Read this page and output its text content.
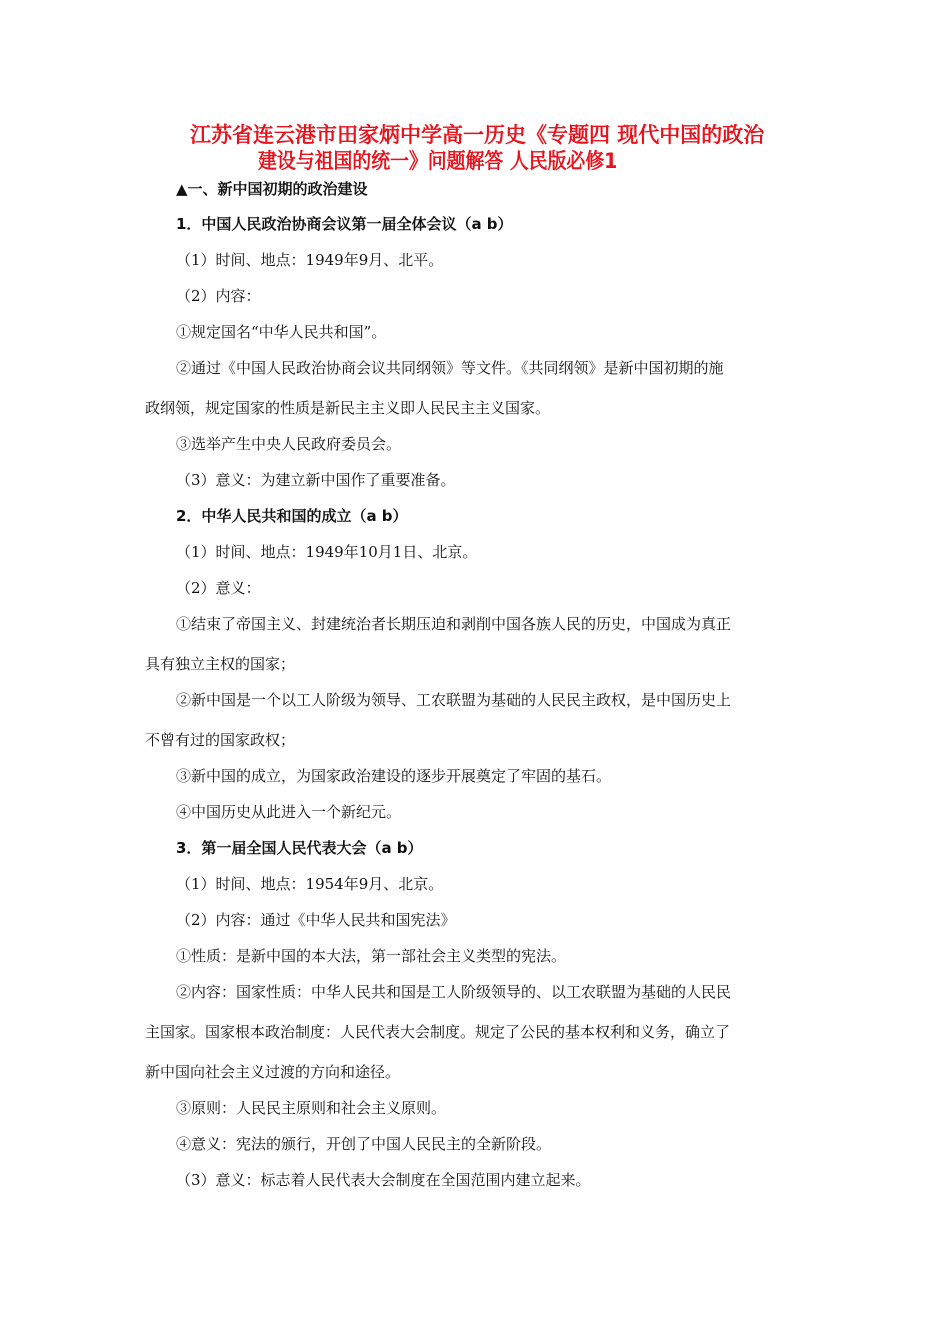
江苏省连云港市田家炳中学高一历史《专题四 现代中国的政治
建设与祖国的统一》问题解答 人民版必修1
▲一、新中国初期的政治建设
1．中国人民政治协商会议第一届全体会议（a b）
（1）时间、地点：1949年9月、北平。
（2）内容：
①规定国名“中华人民共和国”。
②通过《中国人民政治协商会议共同纲领》等文件。《共同纲领》是新中国初期的施
政纲领，规定国家的性质是新民主主义即人民民主主义国家。
③选举产生中央人民政府委员会。
（3）意义：为建立新中国作了重要准备。
2．中华人民共和国的成立（a b）
（1）时间、地点：1949年10月1日、北京。
（2）意义：
①结束了帝国主义、封建统治者长期压迫和剥削中国各族人民的历史，中国成为真正
具有独立主权的国家；
②新中国是一个以工人阶级为领导、工农联盟为基础的人民民主政权，是中国历史上
不曾有过的国家政权；
③新中国的成立，为国家政治建设的逐步开展奠定了牢固的基石。
④中国历史从此进入一个新纪元。
3．第一届全国人民代表大会（a b）
（1）时间、地点：1954年9月、北京。
（2）内容：通过《中华人民共和国宪法》
①性质：是新中国的本大法，第一部社会主义类型的宪法。
②内容：国家性质：中华人民共和国是工人阶级领导的、以工农联盟为基础的人民民
主国家。国家根本政治制度：人民代表大会制度。规定了公民的基本权利和义务，确立了
新中国向社会主义过渡的方向和途径。
③原则：人民民主原则和社会主义原则。
④意义：宪法的颁行，开创了中国人民民主的全新阶段。
（3）意义：标志着人民代表大会制度在全国范围内建立起来。
